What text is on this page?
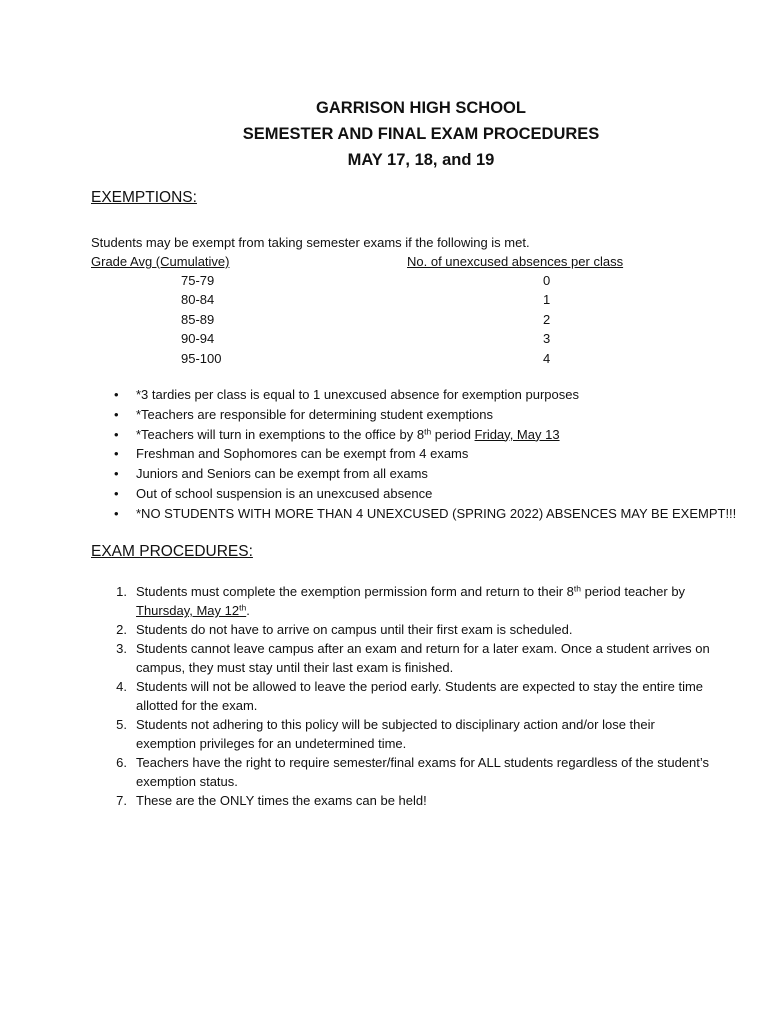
GARRISON HIGH SCHOOL
SEMESTER AND FINAL EXAM PROCEDURES
MAY 17, 18, and 19
EXEMPTIONS:
Students may be exempt from taking semester exams if the following is met.
Grade Avg (Cumulative)	No. of unexcused absences per class
75-79	0
80-84	1
85-89	2
90-94	3
95-100	4
• *3 tardies per class is equal to 1 unexcused absence for exemption purposes
• *Teachers are responsible for determining student exemptions
• *Teachers will turn in exemptions to the office by 8th period Friday, May 13
• Freshman and Sophomores can be exempt from 4 exams
• Juniors and Seniors can be exempt from all exams
• Out of school suspension is an unexcused absence
• *NO STUDENTS WITH MORE THAN 4 UNEXCUSED (SPRING 2022) ABSENCES MAY BE EXEMPT!!!
EXAM PROCEDURES:
1. Students must complete the exemption permission form and return to their 8th period teacher by
Thursday, May 12th.
2. Students do not have to arrive on campus until their first exam is scheduled.
3. Students cannot leave campus after an exam and return for a later exam. Once a student arrives on
campus, they must stay until their last exam is finished.
4. Students will not be allowed to leave the period early. Students are expected to stay the entire time
allotted for the exam.
5. Students not adhering to this policy will be subjected to disciplinary action and/or lose their
exemption privileges for an undetermined time.
6. Teachers have the right to require semester/final exams for ALL students regardless of the student’s
exemption status.
7. These are the ONLY times the exams can be held!
